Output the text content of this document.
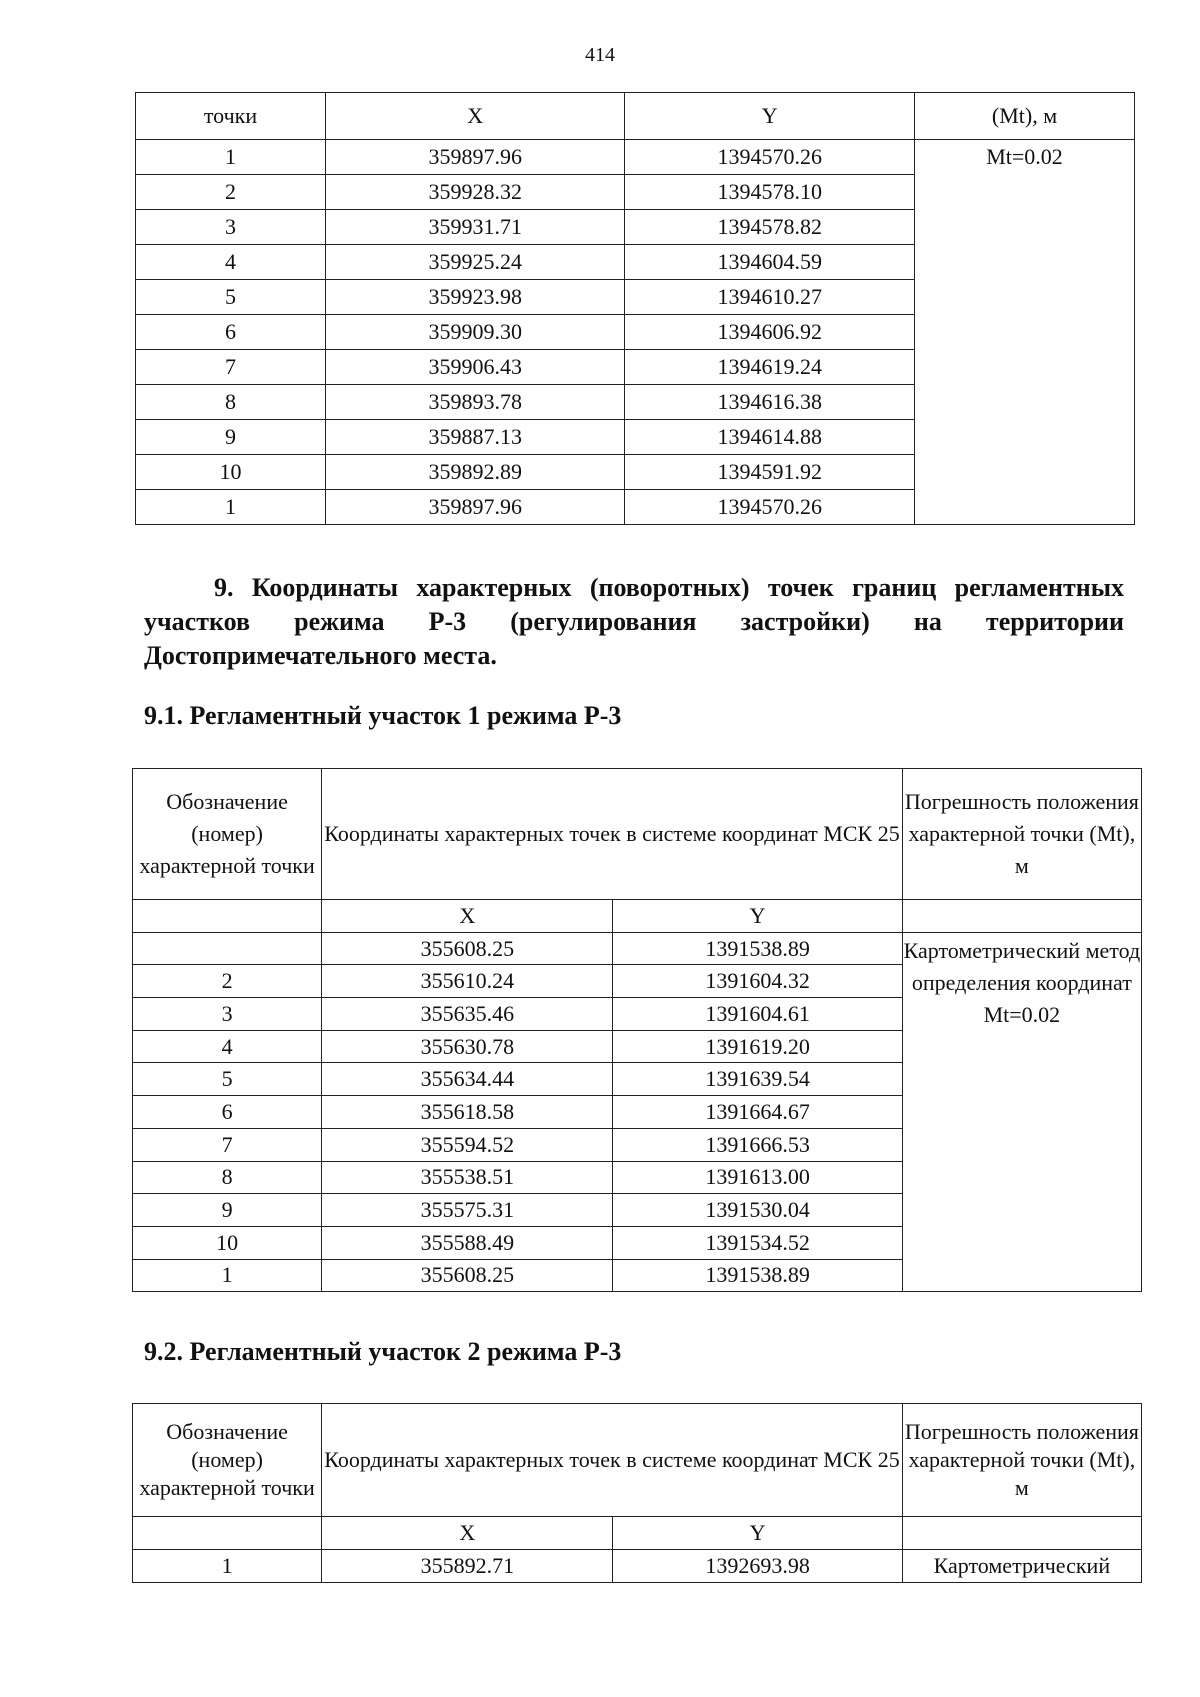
414
точки	X	Y	(Mt), м
1	359897.96	1394570.26	Mt=0.02
2	359928.32	1394578.10	
3	359931.71	1394578.82	
4	359925.24	1394604.59	
5	359923.98	1394610.27	
6	359909.30	1394606.92	
7	359906.43	1394619.24	
8	359893.78	1394616.38	
9	359887.13	1394614.88	
10	359892.89	1394591.92	
1	359897.96	1394570.26	
9. Координаты характерных (поворотных) точек границ регламентных участков режима Р-3 (регулирования застройки) на территории Достопримечательного места.
9.1. Регламентный участок 1 режима Р-3
Обозначение (номер) характерной точки	Координаты характерных точек в системе координат МСК 25		Погрешность положения характерной точки (Mt), м
	X	Y	
	355608.25	1391538.89	Картометрический метод определения координат Mt=0.02
2	355610.24	1391604.32	
3	355635.46	1391604.61	
4	355630.78	1391619.20	
5	355634.44	1391639.54	
6	355618.58	1391664.67	
7	355594.52	1391666.53	
8	355538.51	1391613.00	
9	355575.31	1391530.04	
10	355588.49	1391534.52	
1	355608.25	1391538.89	
9.2. Регламентный участок 2 режима Р-3
Обозначение (номер) характерной точки	Координаты характерных точек в системе координат МСК 25		Погрешность положения характерной точки (Mt), м
	X	Y	
1	355892.71	1392693.98	Картометрический
